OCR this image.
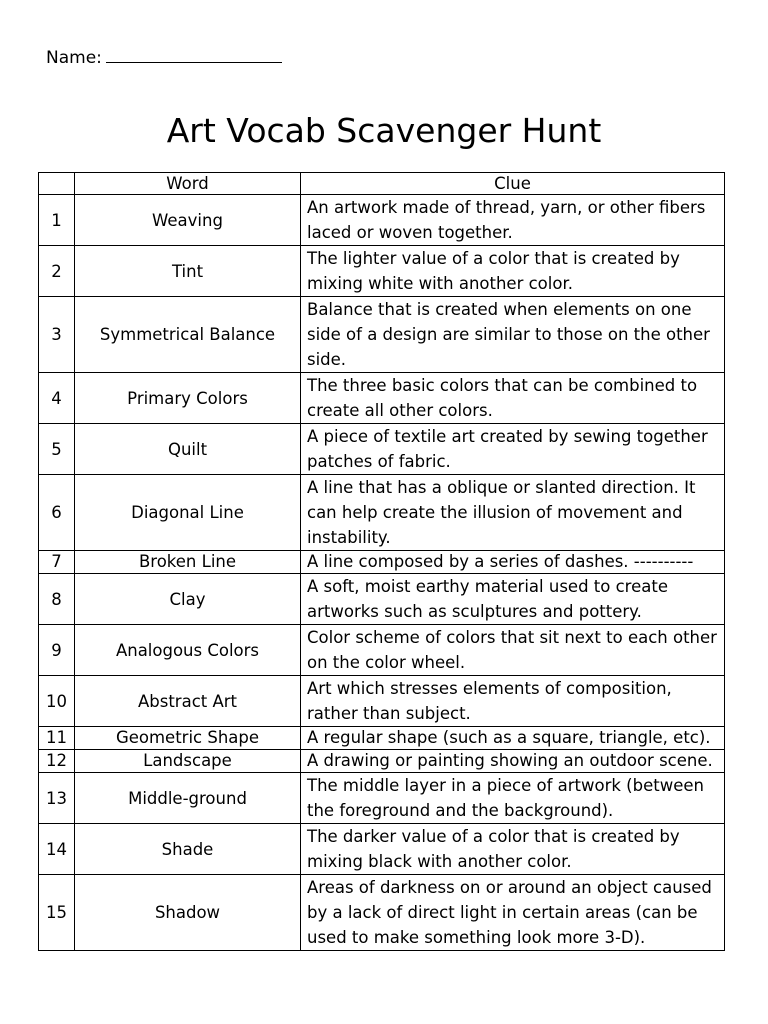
Name:
Art Vocab Scavenger Hunt
	Word	Clue
1	Weaving	An artwork made of thread, yarn, or other fibers laced or woven together.
2	Tint	The lighter value of a color that is created by mixing white with another color.
3	Symmetrical Balance	Balance that is created when elements on one side of a design are similar to those on the other side.
4	Primary Colors	The three basic colors that can be combined to create all other colors.
5	Quilt	A piece of textile art created by sewing together patches of fabric.
6	Diagonal Line	A line that has a oblique or slanted direction. It can help create the illusion of movement and instability.
7	Broken Line	A line composed by a series of dashes. ----------
8	Clay	A soft, moist earthy material used to create artworks such as sculptures and pottery.
9	Analogous Colors	Color scheme of colors that sit next to each other on the color wheel.
10	Abstract Art	Art which stresses elements of composition, rather than subject.
11	Geometric Shape	A regular shape (such as a square, triangle, etc).
12	Landscape	A drawing or painting showing an outdoor scene.
13	Middle-ground	The middle layer in a piece of artwork (between the foreground and the background).
14	Shade	The darker value of a color that is created by mixing black with another color.
15	Shadow	Areas of darkness on or around an object caused by a lack of direct light in certain areas (can be used to make something look more 3-D).
